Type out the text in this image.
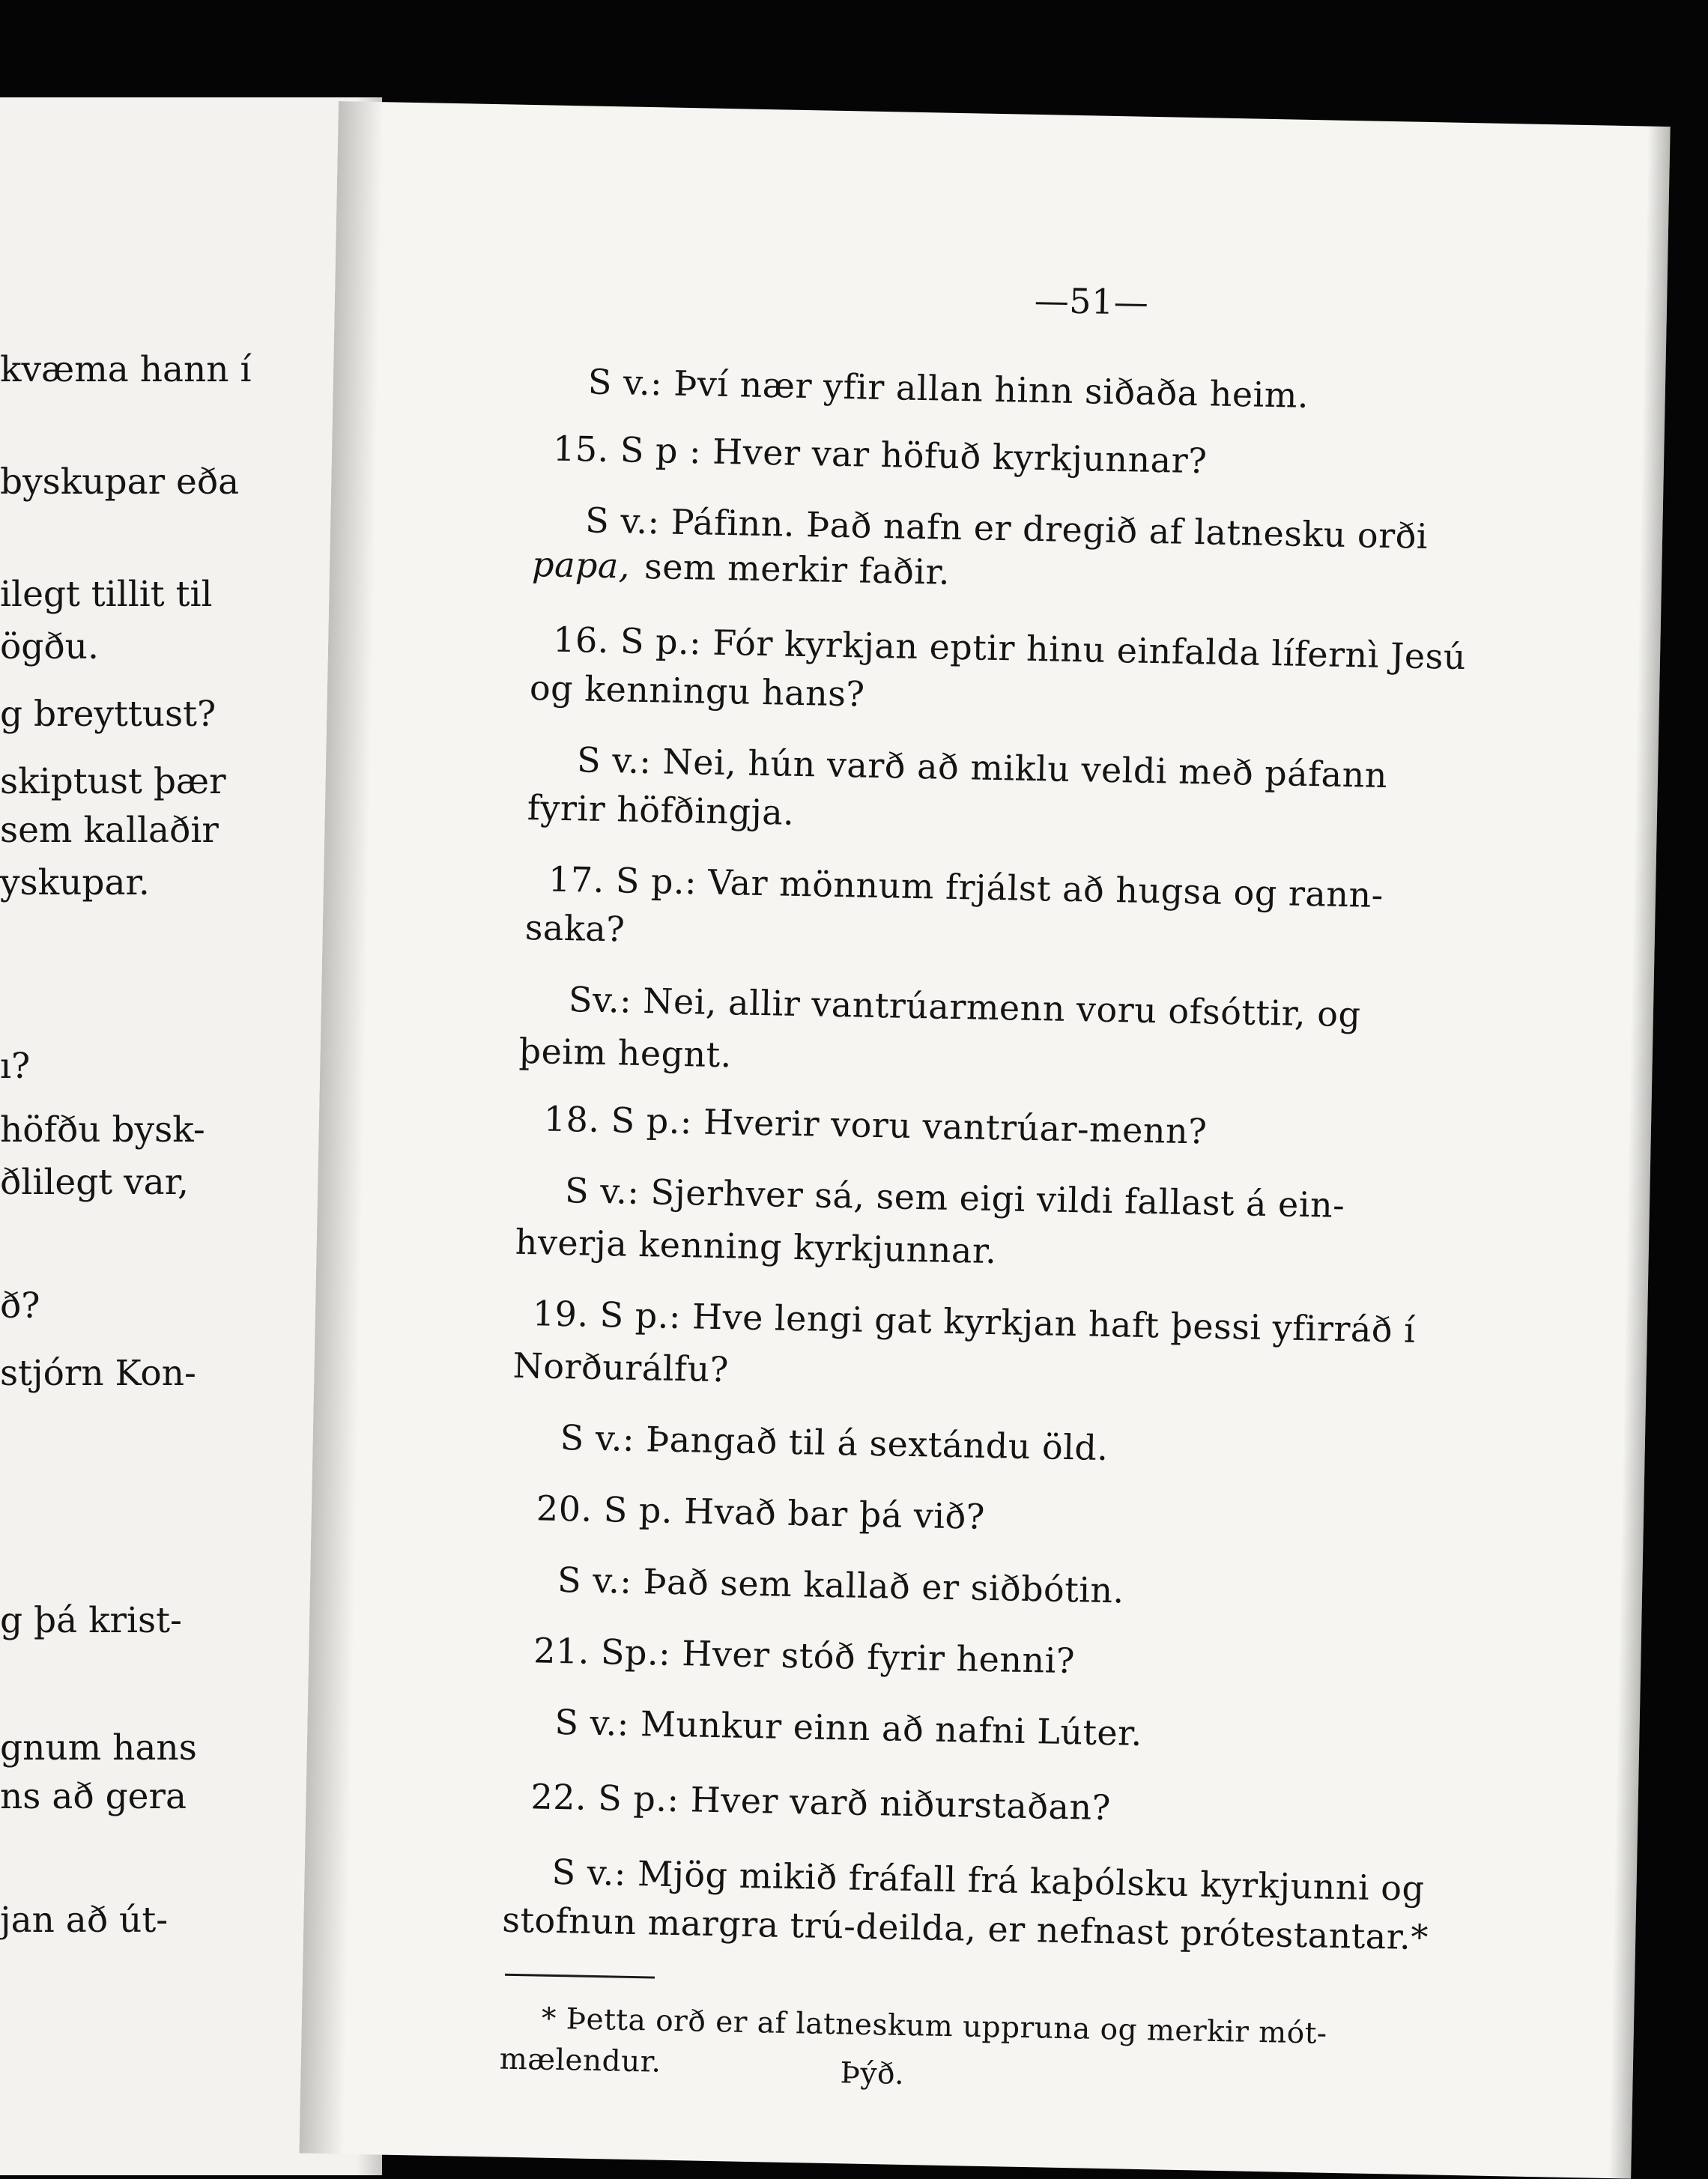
kvæma hann í

byskupar eða

ilegt tillit til

ögðu.

g breyttust?

skiptust þær

sem kallaðir

yskupar.

ı?

höfðu bysk-

ðlilegt var,

ð?

stjórn Kon-

g þá krist-

gnum hans

ns að gera

jan að út-

—51—

S v.: Því nær yfir allan hinn siðaða heim.

15. S p : Hver var höfuð kyrkjunnar?

S v.: Páfinn. Það nafn er dregið af latnesku orði

papa, sem merkir faðir.

16. S p.: Fór kyrkjan eptir hinu einfalda lífernì Jesú

og kenningu hans?

S v.: Nei, hún varð að miklu veldi með páfann

fyrir höfðingja.

17. S p.: Var mönnum frjálst að hugsa og rann-

saka?

Sv.: Nei, allir vantrúarmenn voru ofsóttir, og

þeim hegnt.

18. S p.: Hverir voru vantrúar-menn?

S v.: Sjerhver sá, sem eigi vildi fallast á ein-

hverja kenning kyrkjunnar.

19. S p.: Hve lengi gat kyrkjan haft þessi yfirráð í

Norðurálfu?

S v.: Þangað til á sextándu öld.

20. S p. Hvað bar þá við?

S v.: Það sem kallað er siðbótin.

21. Sp.: Hver stóð fyrir henni?

S v.: Munkur einn að nafni Lúter.

22. S p.: Hver varð niðurstaðan?

S v.: Mjög mikið fráfall frá kaþólsku kyrkjunni og

stofnun margra trú-deilda, er nefnast prótestantar.*

* Þetta orð er af latneskum uppruna og merkir mót-

mælendur.	Þýð.
